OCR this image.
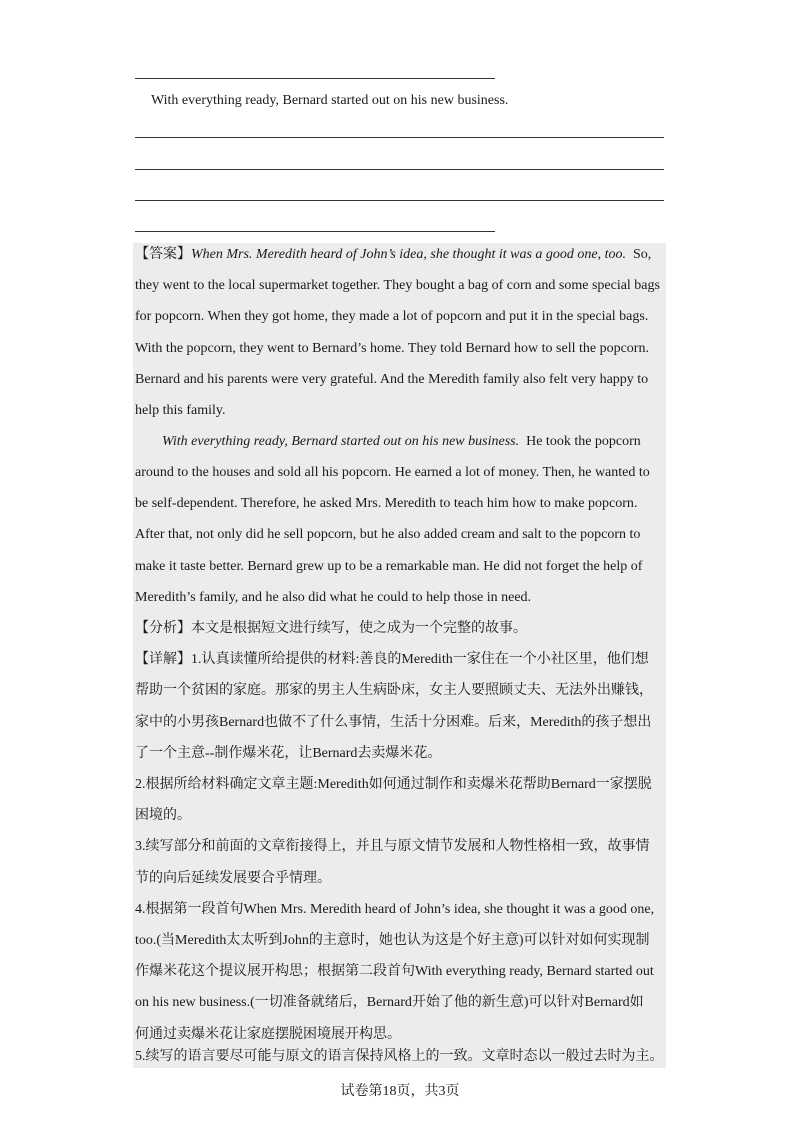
With everything ready, Bernard started out on his new business.
【答案】When Mrs. Meredith heard of John’s idea, she thought it was a good one, too.  So,
they went to the local supermarket together. They bought a bag of corn and some special bags
for popcorn. When they got home, they made a lot of popcorn and put it in the special bags.
With the popcorn, they went to Bernard’s home. They told Bernard how to sell the popcorn.
Bernard and his parents were very grateful. And the Meredith family also felt very happy to
help this family.
With everything ready, Bernard started out on his new business.  He took the popcorn
around to the houses and sold all his popcorn. He earned a lot of money. Then, he wanted to
be self-dependent. Therefore, he asked Mrs. Meredith to teach him how to make popcorn.
After that, not only did he sell popcorn, but he also added cream and salt to the popcorn to
make it taste better. Bernard grew up to be a remarkable man. He did not forget the help of
Meredith’s family, and he also did what he could to help those in need.
【分析】本文是根据短文进行续写，使之成为一个完整的故事。
【详解】1.认真读懂所给提供的材料:善良的Meredith一家住在一个小社区里，他们想
帮助一个贫困的家庭。那家的男主人生病卧床，女主人要照顾丈夫、无法外出赚钱，
家中的小男孩Bernard也做不了什么事情，生活十分困难。后来，Meredith的孩子想出
了一个主意--制作爆米花，让Bernard去卖爆米花。
2.根据所给材料确定文章主题:Meredith如何通过制作和卖爆米花帮助Bernard一家摆脱
困境的。
3.续写部分和前面的文章衔接得上，并且与原文情节发展和人物性格相一致，故事情
节的向后延续发展要合乎情理。
4.根据第一段首句When Mrs. Meredith heard of John’s idea, she thought it was a good one,
too.(当Meredith太太听到John的主意时，她也认为这是个好主意)可以针对如何实现制
作爆米花这个提议展开构思；根据第二段首句With everything ready, Bernard started out
on his new business.(一切准备就绪后，Bernard开始了他的新生意)可以针对Bernard如
何通过卖爆米花让家庭摆脱困境展开构思。
5.续写的语言要尽可能与原文的语言保持风格上的一致。文章时态以一般过去时为主。
试卷第18页，共3页
